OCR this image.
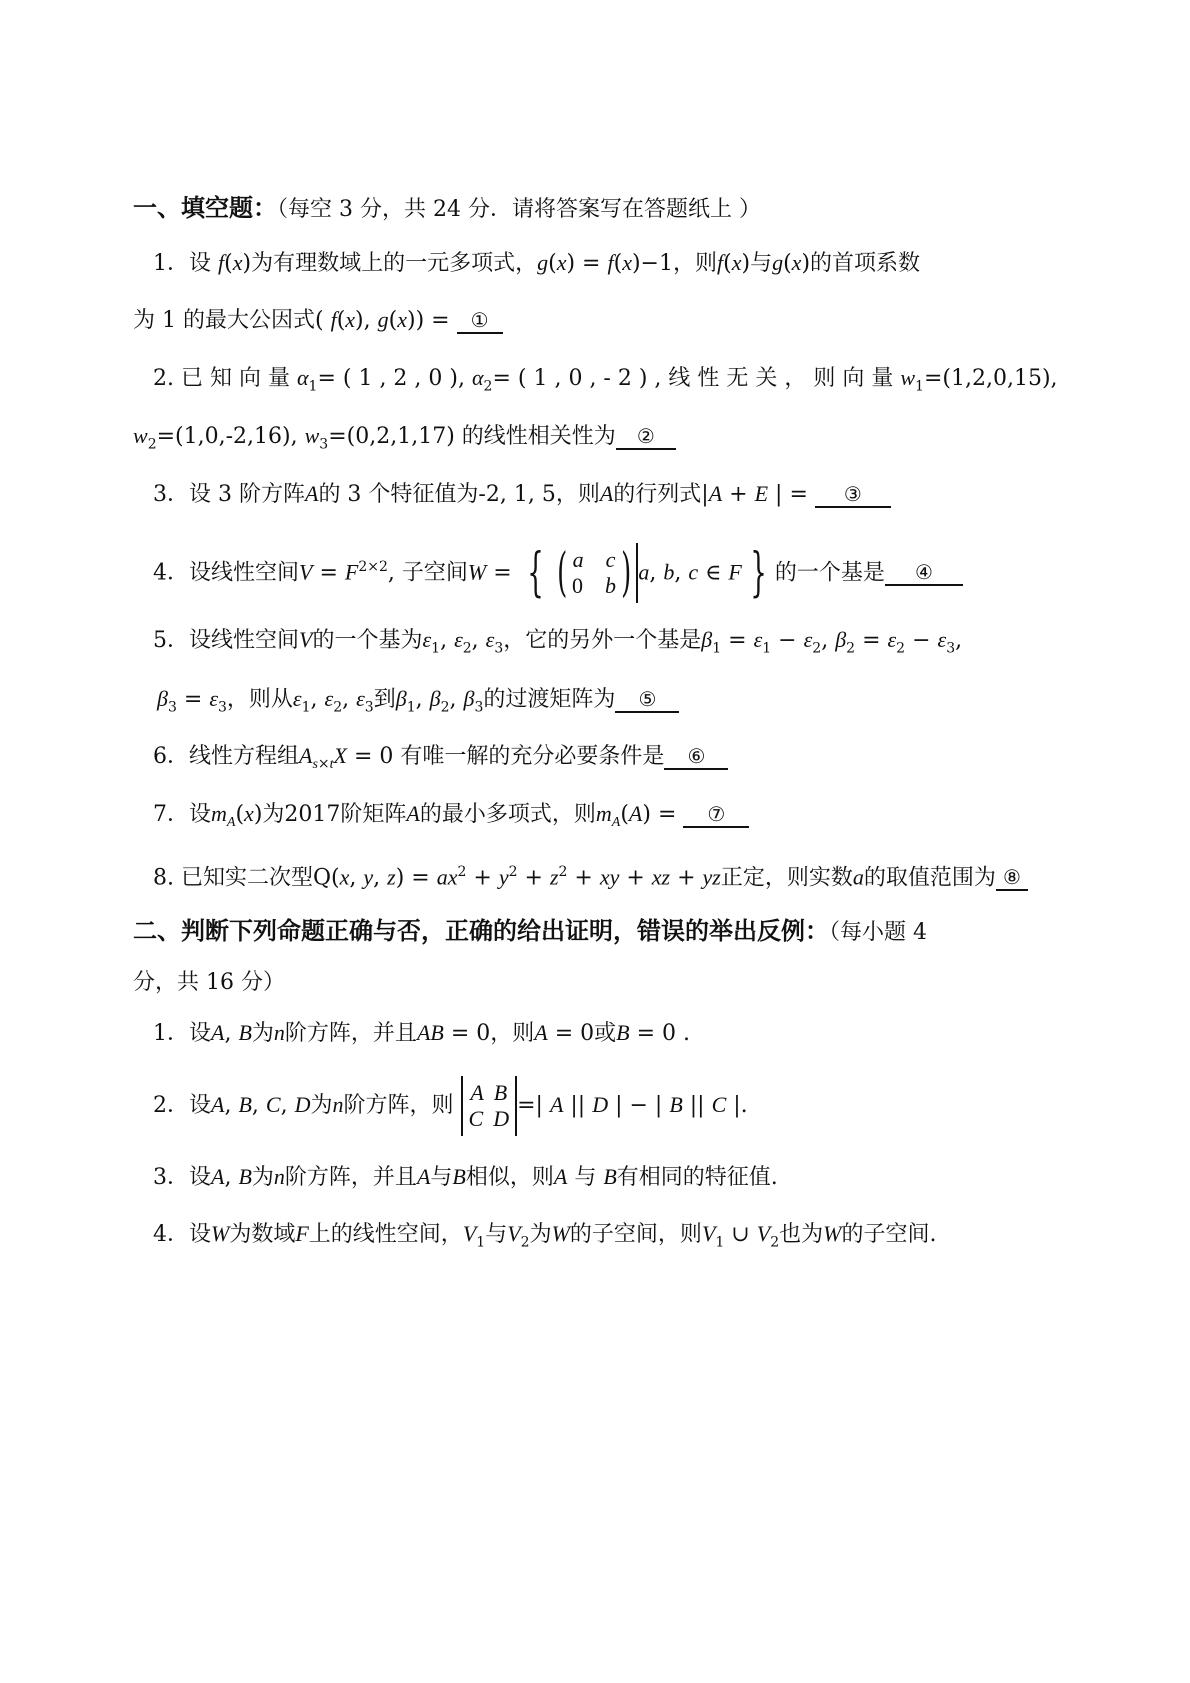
一、填空题：（每空 3 分，共 24 分．请将答案写在答题纸上 ）
1．设 f(x)为有理数域上的一元多项式，g(x) = f(x)−1，则f(x)与g(x)的首项系数
为 1 的最大公因式( f(x), g(x)) = ①
2. 已 知 向 量 $\alpha_1=$ ( 1 , 2 , 0 ), $\alpha_2=$ ( 1 , 0 , - 2 ) , 线 性 无 关 ， 则 向 量 $w_1=(1,2,0,15)$,
$w_2=(1,0,-2,16)$, $w_3=(0,2,1,17)$ 的线性相关性为 ②
3．设 3 阶方阵A的 3 个特征值为-2, 1, 5，则A的行列式|A + E | = ③
4．设线性空间$V = F^{2\times 2}$, 子空间W = { ( a c
0 b) a, b, c ∈ F } 的一个基是 ④
5．设线性空间V的一个基为$\varepsilon_1$, $\varepsilon_2$, $\varepsilon_3$，它的另外一个基是$\beta_1 = \varepsilon_1 - \varepsilon_2$, $\beta_2 = \varepsilon_2 - \varepsilon_3$,
$\beta_3 = \varepsilon_3$，则从$\varepsilon_1$, $\varepsilon_2$, $\varepsilon_3$到$\beta_1$, $\beta_2$, $\beta_3$的过渡矩阵为 ⑤
6．线性方程组$A_{s\times t}X = 0$ 有唯一解的充分必要条件是 ⑥
7．设$m_A(x)$为2017阶矩阵A的最小多项式，则$m_A(A)$ = ⑦
8. 已知实二次型Q(x, y, $z) = ax^2 + y^2 + z^2$ + xy + xz + yz正定，则实数a的取值范围为 ⑧
二、判断下列命题正确与否，正确的给出证明，错误的举出反例：（每小题 4
分，共 16 分）
1．设A, B为n阶方阵，并且AB = 0，则A = 0或B = 0 .
2．设A, B, C, D为n阶方阵，则 A B
C D=| A || D | − | B || C |.
3．设A, B为n阶方阵，并且A与B相似，则A 与 B有相同的特征值.
4．设W为数域F上的线性空间，$V_1$与$V_2$为W的子空间，则$V_1$ ∪ $V_2$也为W的子空间.
